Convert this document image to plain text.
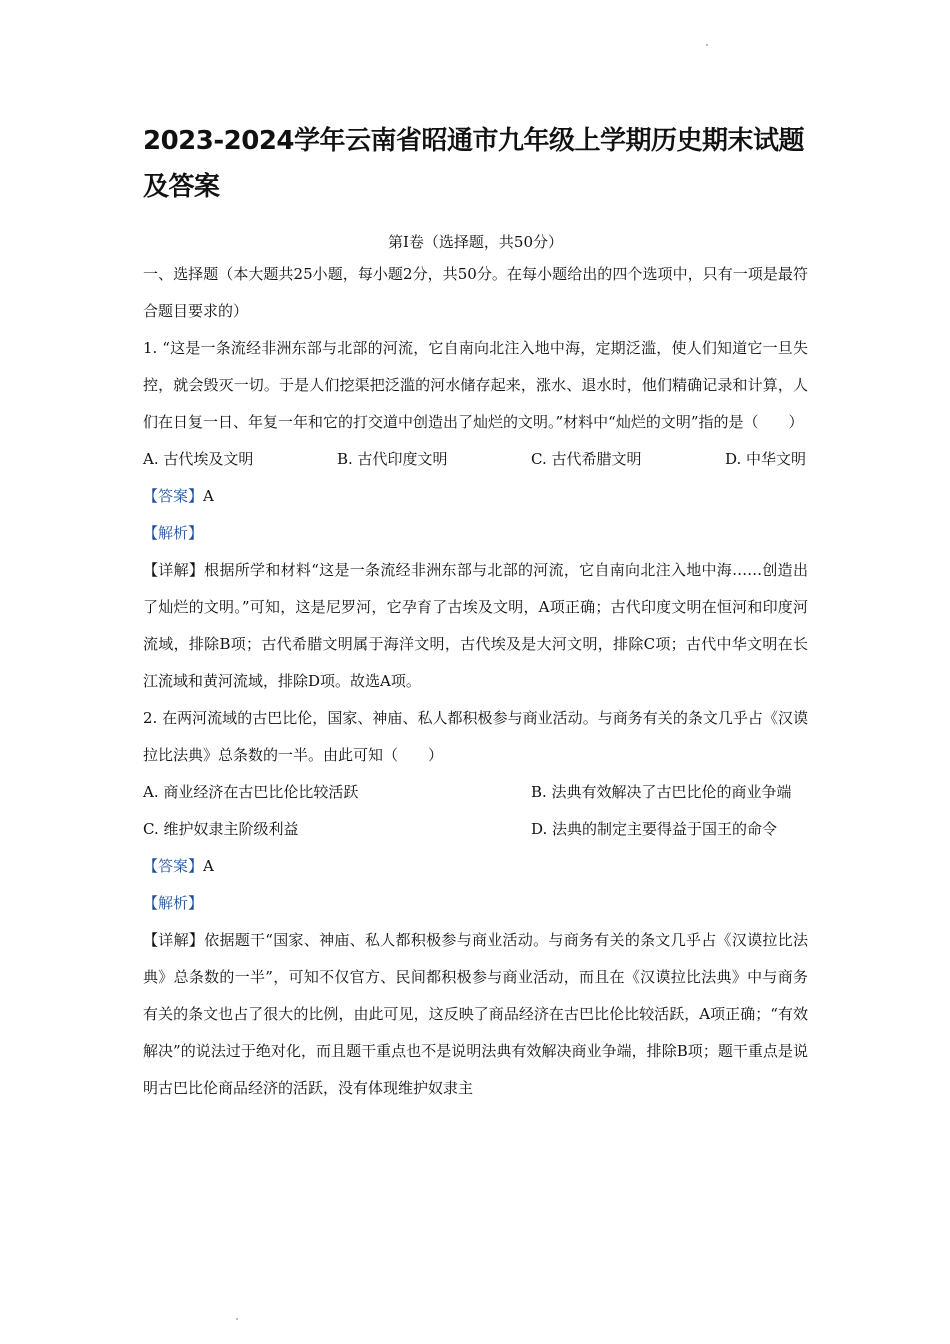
2023-2024学年云南省昭通市九年级上学期历史期末试题及答案
第Ⅰ卷（选择题，共50分）

一、选择题（本大题共25小题，每小题2分，共50分。在每小题给出的四个选项中，只有一项是最符合题目要求的）

1. “这是一条流经非洲东部与北部的河流，它自南向北注入地中海，定期泛滥，使人们知道它一旦失控，就会毁灭一切。于是人们挖渠把泛滥的河水储存起来，涨水、退水时，他们精确记录和计算，人们在日复一日、年复一年和它的打交道中创造出了灿烂的文明。”材料中“灿烂的文明”指的是（　　）

A. 古代埃及文明	B. 古代印度文明	C. 古代希腊文明	D. 中华文明

【答案】A

【解析】

【详解】根据所学和材料“这是一条流经非洲东部与北部的河流，它自南向北注入地中海……创造出了灿烂的文明。”可知，这是尼罗河，它孕育了古埃及文明，A项正确；古代印度文明在恒河和印度河流域，排除B项；古代希腊文明属于海洋文明，古代埃及是大河文明，排除C项；古代中华文明在长江流域和黄河流域，排除D项。故选A项。

2. 在两河流域的古巴比伦，国家、神庙、私人都积极参与商业活动。与商务有关的条文几乎占《汉谟拉比法典》总条数的一半。由此可知（　　）

A. 商业经济在古巴比伦比较活跃	B. 法典有效解决了古巴比伦的商业争端
C. 维护奴隶主阶级利益	D. 法典的制定主要得益于国王的命令

【答案】A

【解析】

【详解】依据题干“国家、神庙、私人都积极参与商业活动。与商务有关的条文几乎占《汉谟拉比法典》总条数的一半”，可知不仅官方、民间都积极参与商业活动，而且在《汉谟拉比法典》中与商务有关的条文也占了很大的比例，由此可见，这反映了商品经济在古巴比伦比较活跃，A项正确；“有效解决”的说法过于绝对化，而且题干重点也不是说明法典有效解决商业争端，排除B项；题干重点是说明古巴比伦商品经济的活跃，没有体现维护奴隶主
